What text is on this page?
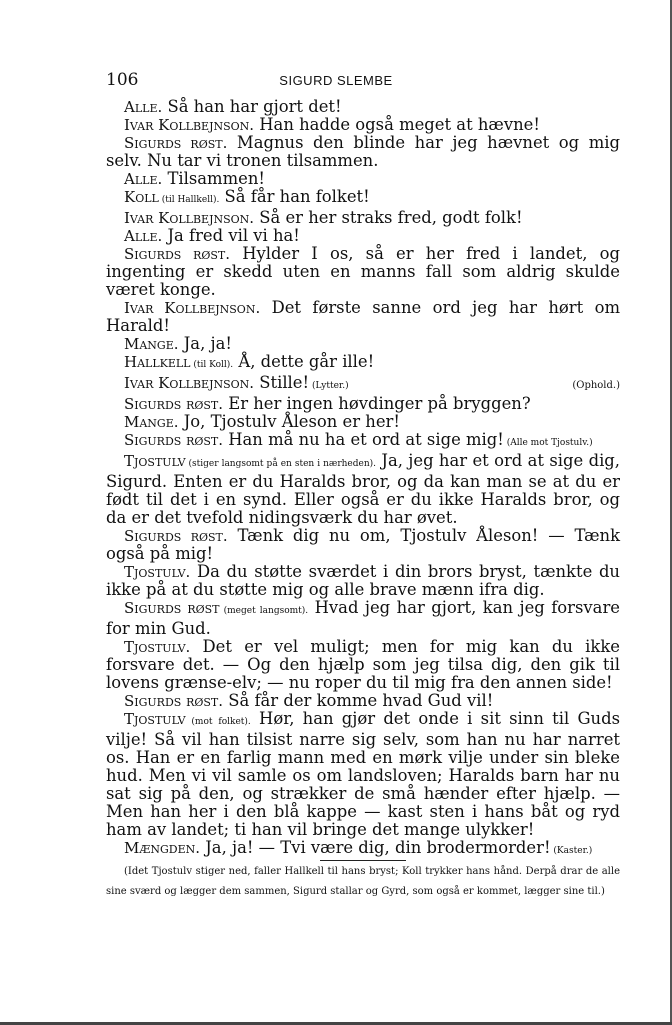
106	SIGURD SLEMBE

Alle. Så han har gjort det!

Ivar Kollbejnson. Han hadde også meget at hævne!

Sigurds røst. Magnus den blinde har jeg hævnet og mig selv. Nu tar vi tronen tilsammen.

Alle. Tilsammen!

Koll (til Hallkell). Så får han folket!

Ivar Kollbejnson. Så er her straks fred, godt folk!

Alle. Ja fred vil vi ha!

Sigurds røst. Hylder I os, så er her fred i landet, og ingenting er skedd uten en manns fall som aldrig skulde været konge.

Ivar Kollbejnson. Det første sanne ord jeg har hørt om Harald!

Mange. Ja, ja!

Hallkell (til Koll). Å, dette går ille!

(Ophold.)
Ivar Kollbejnson. Stille! (Lytter.)

Sigurds røst. Er her ingen høvdinger på bryggen?

Mange. Jo, Tjostulv Åleson er her!

Sigurds røst. Han må nu ha et ord at sige mig! (Alle mot Tjostulv.)

Tjostulv (stiger langsomt på en sten i nærheden). Ja, jeg har et ord at sige dig, Sigurd. Enten er du Haralds bror, og da kan man se at du er født til det i en synd. Eller også er du ikke Haralds bror, og da er det tvefold nidingsværk du har øvet.

Sigurds røst. Tænk dig nu om, Tjostulv Åleson! — Tænk også på mig!

Tjostulv. Da du støtte sværdet i din brors bryst, tænkte du ikke på at du støtte mig og alle brave mænn ifra dig.

Sigurds røst (meget langsomt). Hvad jeg har gjort, kan jeg forsvare for min Gud.

Tjostulv. Det er vel muligt; men for mig kan du ikke forsvare det. — Og den hjælp som jeg tilsa dig, den gik til lovens grænse-elv; — nu roper du til mig fra den annen side!

Sigurds røst. Så får der komme hvad Gud vil!

Tjostulv (mot folket). Hør, han gjør det onde i sit sinn til Guds vilje! Så vil han tilsist narre sig selv, som han nu har narret os. Han er en farlig mann med en mørk vilje under sin bleke hud. Men vi vil samle os om landsloven; Haralds barn har nu sat sig på den, og strækker de små hænder efter hjælp. — Men han her i den blå kappe — kast sten i hans båt og ryd ham av landet; ti han vil bringe det mange ulykker!

Mængden. Ja, ja! — Tvi være dig, din brodermorder! (Kaster.)

(Idet Tjostulv stiger ned, faller Hallkell til hans bryst; Koll trykker hans hånd. Derpå drar de alle sine sværd og lægger dem sammen, Sigurd stallar og Gyrd, som også er kommet, lægger sine til.)
